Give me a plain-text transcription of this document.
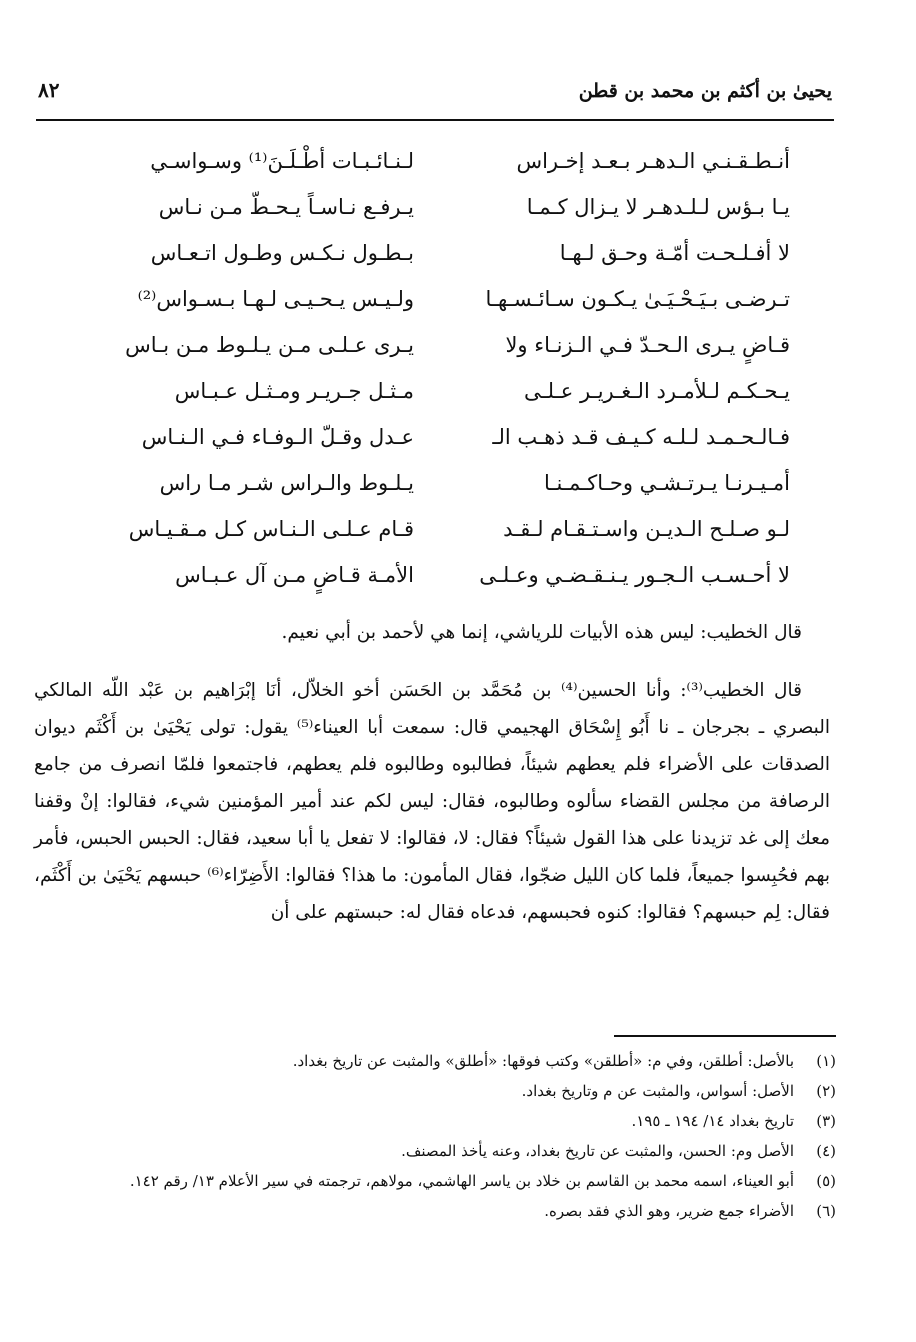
يحيىٰ بن أكثم بن محمد بن قطن
٨٢
أنـطـقـنـي الـدهـر بـعـد إخـراس
لـنـائـبـات أطْـلَـنَ⁽¹⁾ وسـواسـي
يـا بـؤس لـلـدهـر لا يـزال كـمـا
يـرفـع نـاسـاً يـحـطّ مـن نـاس
لا أفـلـحـت أمّـة وحـق لـهـا
بـطـول نـكـس وطـول اتـعـاس
تـرضـى بـيَـحْـيَـىٰ يـكـون سـائـسـهـا
ولـيـس يـحـيـى لـهـا بـسـواس⁽²⁾
قـاضٍ يـرى الـحـدّ فـي الـزنـاء ولا
يـرى عـلـى مـن يـلـوط مـن بـاس
يـحـكـم لـلأمـرد الـغـريـر عـلـى
مـثـل جـريـر ومـثـل عـبـاس
فـالـحـمـد لـلـه كـيـف قـد ذهـب الـ
عـدل وقـلّ الـوفـاء فـي الـنـاس
أمـيـرنـا يـرتـشـي وحـاكـمـنـا
يـلـوط والـراس شـر مـا راس
لـو صـلـح الـديـن واسـتـقـام لـقـد
قـام عـلـى الـنـاس كـل مـقـيـاس
لا أحـسـب الـجـور يـنـقـضـي وعـلـى
الأمـة قـاضٍ مـن آل عـبـاس

قال الخطيب: ليس هذه الأبيات للرياشي، إنما هي لأحمد بن أبي نعيم.

قال الخطيب⁽³⁾: وأنا الحسين⁽⁴⁾ بن مُحَمَّد بن الحَسَن أخو الخلاّل، أنَا إبْرَاهيم بن عَبْد اللّه المالكي البصري ـ بجرجان ـ نا أَبُو إِسْحَاق الهجيمي قال: سمعت أبا العيناء⁽⁵⁾ يقول: تولى يَحْيَىٰ بن أَكْثَم ديوان الصدقات على الأضراء فلم يعطهم شيئاً، فطالبوه وطالبوه فلم يعطهم، فاجتمعوا فلمّا انصرف من جامع الرصافة من مجلس القضاء سألوه وطالبوه، فقال: ليس لكم عند أمير المؤمنين شيء، فقالوا: إنْ وقفنا معك إلى غد تزيدنا على هذا القول شيئاً؟ فقال: لا، فقالوا: لا تفعل يا أبا سعيد، فقال: الحبس الحبس، فأمر بهم فحُبِسوا جميعاً، فلما كان الليل ضجّوا، فقال المأمون: ما هذا؟ فقالوا: الأَضِرّاء⁽⁶⁾ حبسهم يَحْيَىٰ بن أَكْثَم، فقال: لِم حبسهم؟ فقالوا: كنوه فحبسهم، فدعاه فقال له: حبستهم على أن

(١)
بالأصل: أطلقن، وفي م: «أطلقن» وكتب فوقها: «أطلق» والمثبت عن تاريخ بغداد.
(٢)
الأصل: أسواس، والمثبت عن م وتاريخ بغداد.
(٣)
تاريخ بغداد ١٤/ ١٩٤ ـ ١٩٥.
(٤)
الأصل وم: الحسن، والمثبت عن تاريخ بغداد، وعنه يأخذ المصنف.
(٥)
أبو العيناء، اسمه محمد بن القاسم بن خلاد بن ياسر الهاشمي، مولاهم، ترجمته في سير الأعلام ١٣/ رقم ١٤٢.
(٦)
الأضراء جمع ضرير، وهو الذي فقد بصره.
